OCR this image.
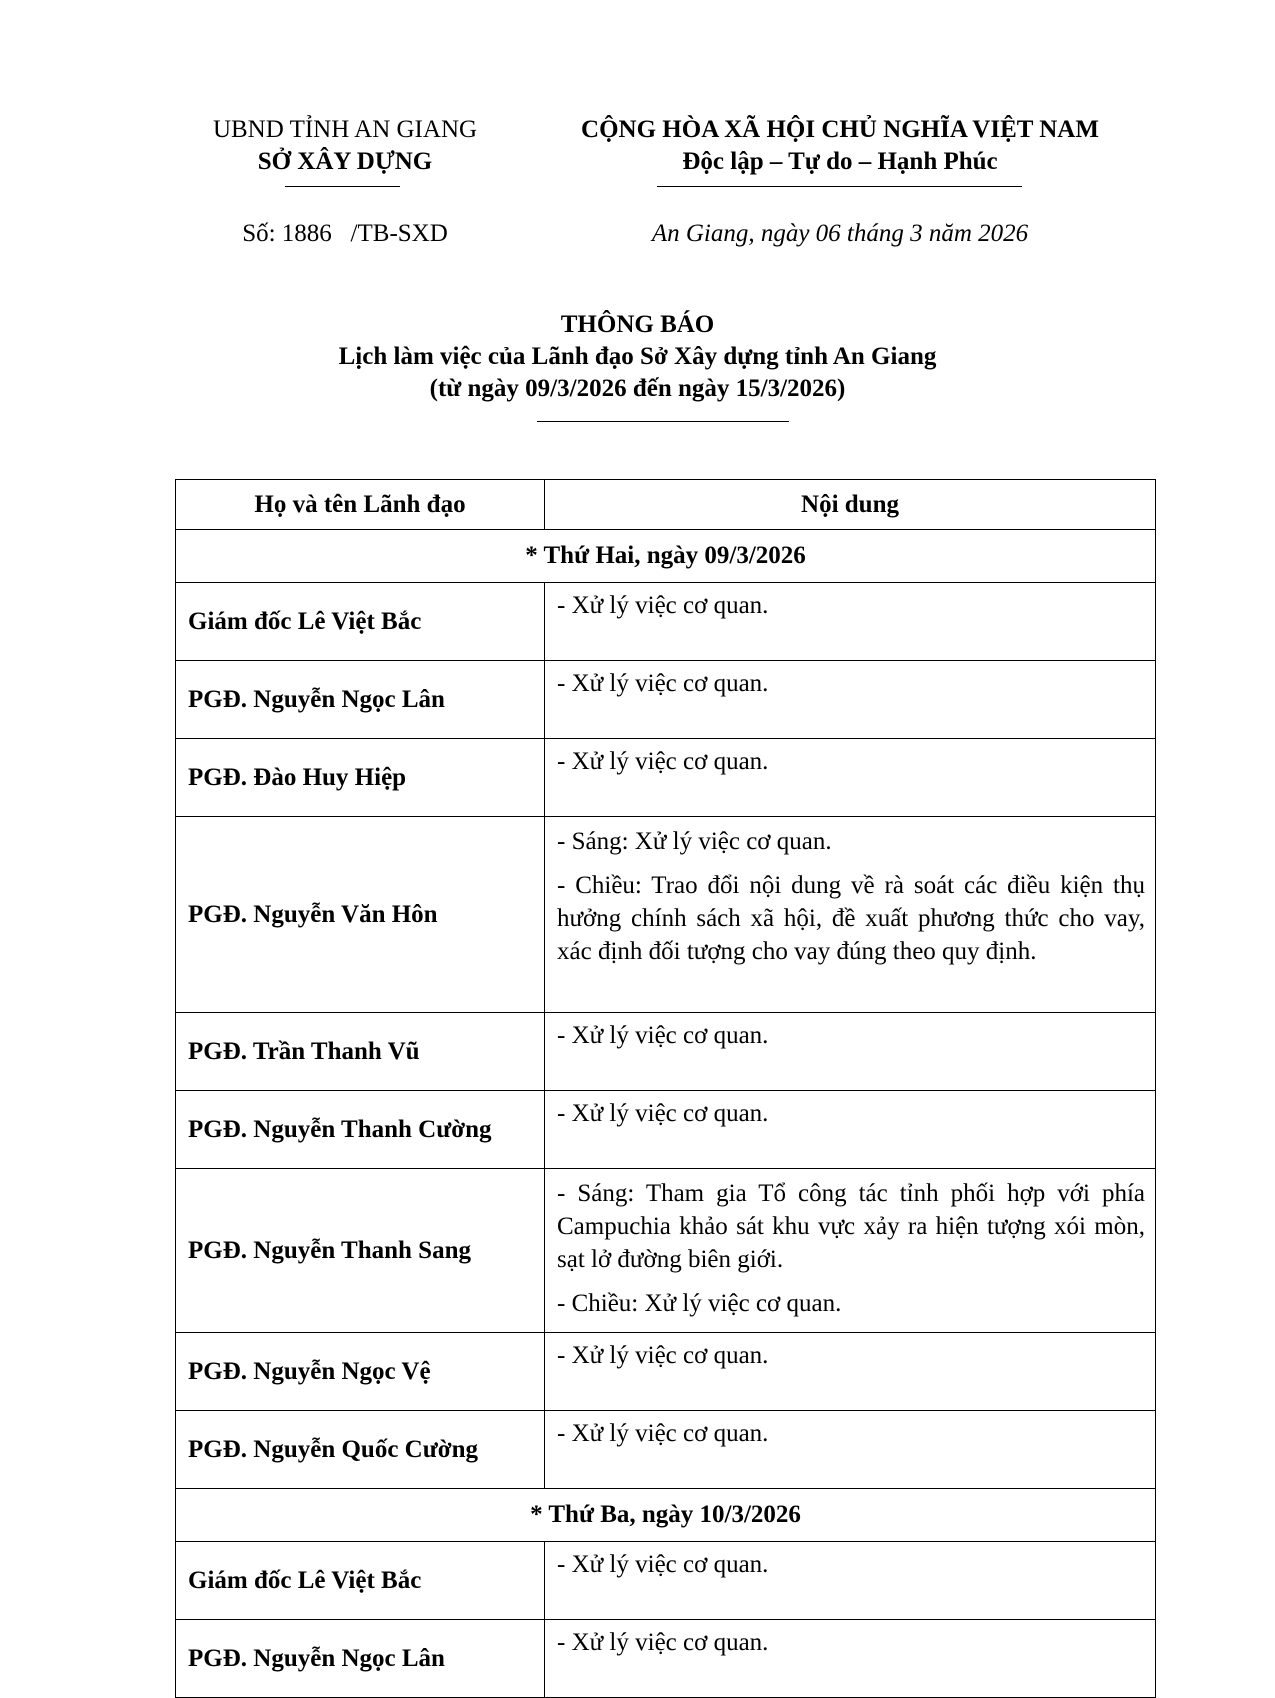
UBND TỈNH AN GIANG
SỞ XÂY DỰNG
Số: 1886   /TB-SXD
CỘNG HÒA XÃ HỘI CHỦ NGHĨA VIỆT NAM
Độc lập – Tự do – Hạnh Phúc
An Giang, ngày 06 tháng 3 năm 2026
THÔNG BÁO
Lịch làm việc của Lãnh đạo Sở Xây dựng tỉnh An Giang
(từ ngày 09/3/2026 đến ngày 15/3/2026)
Họ và tên Lãnh đạo	Nội dung
* Thứ Hai, ngày 09/3/2026	
Giám đốc Lê Việt Bắc	- Xử lý việc cơ quan.

PGĐ. Nguyễn Ngọc Lân	- Xử lý việc cơ quan.

PGĐ. Đào Huy Hiệp	- Xử lý việc cơ quan.

PGĐ. Nguyễn Văn Hôn	- Sáng: Xử lý việc cơ quan.

- Chiều: Trao đổi nội dung về rà soát các điều kiện thụ hưởng chính sách xã hội, đề xuất phương thức cho vay, xác định đối tượng cho vay đúng theo quy định.

PGĐ. Trần Thanh Vũ	- Xử lý việc cơ quan.

PGĐ. Nguyễn Thanh Cường	- Xử lý việc cơ quan.

PGĐ. Nguyễn Thanh Sang	- Sáng: Tham gia Tổ công tác tỉnh phối hợp với phía Campuchia khảo sát khu vực xảy ra hiện tượng xói mòn, sạt lở đường biên giới.

- Chiều: Xử lý việc cơ quan.

PGĐ. Nguyễn Ngọc Vệ	- Xử lý việc cơ quan.

PGĐ. Nguyễn Quốc Cường	- Xử lý việc cơ quan.

* Thứ Ba, ngày 10/3/2026	
Giám đốc Lê Việt Bắc	- Xử lý việc cơ quan.

PGĐ. Nguyễn Ngọc Lân	- Xử lý việc cơ quan.
